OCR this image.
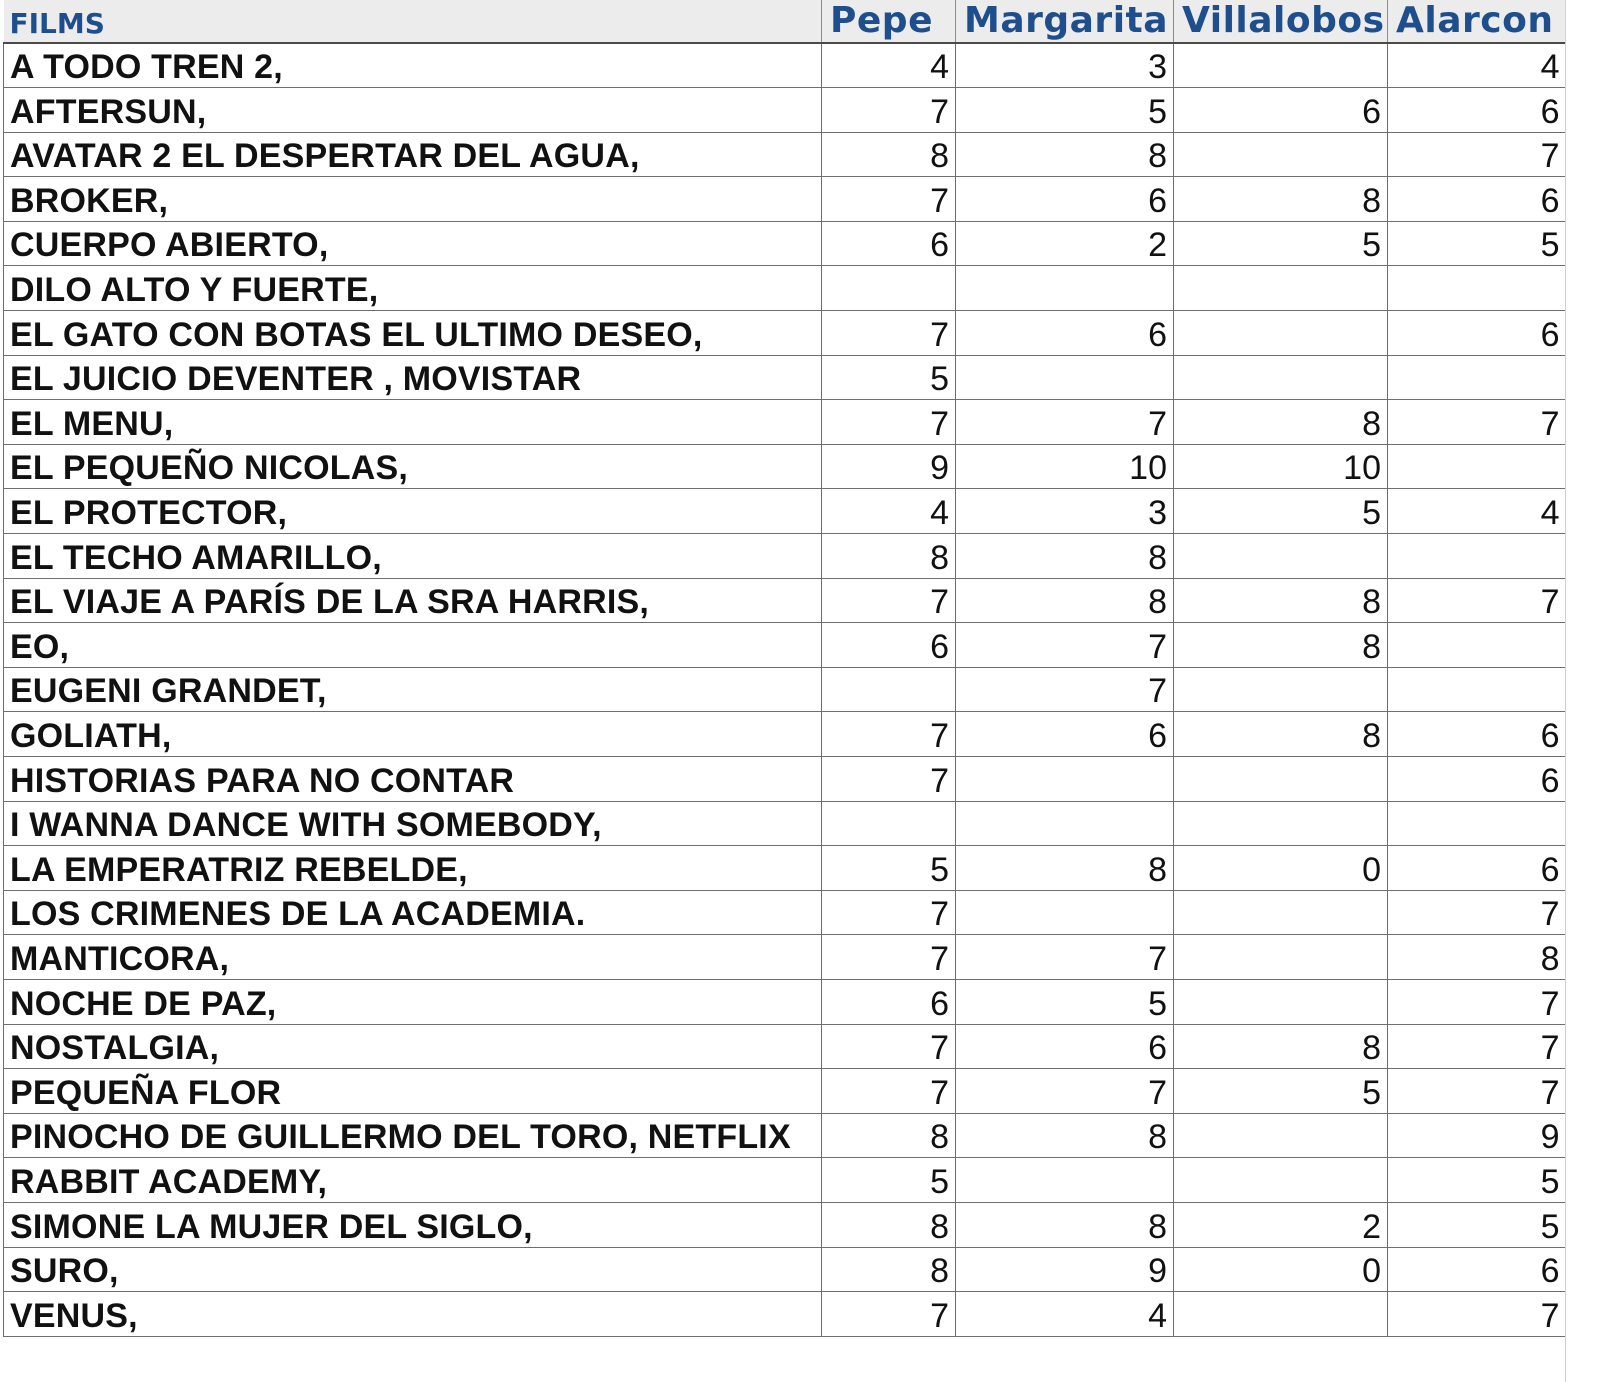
FILMS	Pepe	Margarita	Villalobos	Alarcon
A TODO TREN 2,	4	3		4
AFTERSUN,	7	5	6	6
AVATAR 2 EL DESPERTAR DEL AGUA,	8	8		7
BROKER,	7	6	8	6
CUERPO ABIERTO,	6	2	5	5
DILO ALTO Y FUERTE,				
EL GATO CON BOTAS EL ULTIMO DESEO,	7	6		6
EL JUICIO DEVENTER , MOVISTAR	5			
EL MENU,	7	7	8	7
EL PEQUEÑO NICOLAS,	9	10	10	
EL PROTECTOR,	4	3	5	4
EL TECHO AMARILLO,	8	8		
EL VIAJE A PARÍS DE LA SRA HARRIS,	7	8	8	7
EO,	6	7	8	
EUGENI GRANDET,		7		
GOLIATH,	7	6	8	6
HISTORIAS PARA NO CONTAR	7			6
I WANNA DANCE WITH SOMEBODY,				
LA EMPERATRIZ REBELDE,	5	8	0	6
LOS CRIMENES DE LA ACADEMIA.	7			7
MANTICORA,	7	7		8
NOCHE DE PAZ,	6	5		7
NOSTALGIA,	7	6	8	7
PEQUEÑA FLOR	7	7	5	7
PINOCHO DE GUILLERMO DEL TORO, NETFLIX	8	8		9
RABBIT ACADEMY,	5			5
SIMONE LA MUJER DEL SIGLO,	8	8	2	5
SURO,	8	9	0	6
VENUS,	7	4		7
